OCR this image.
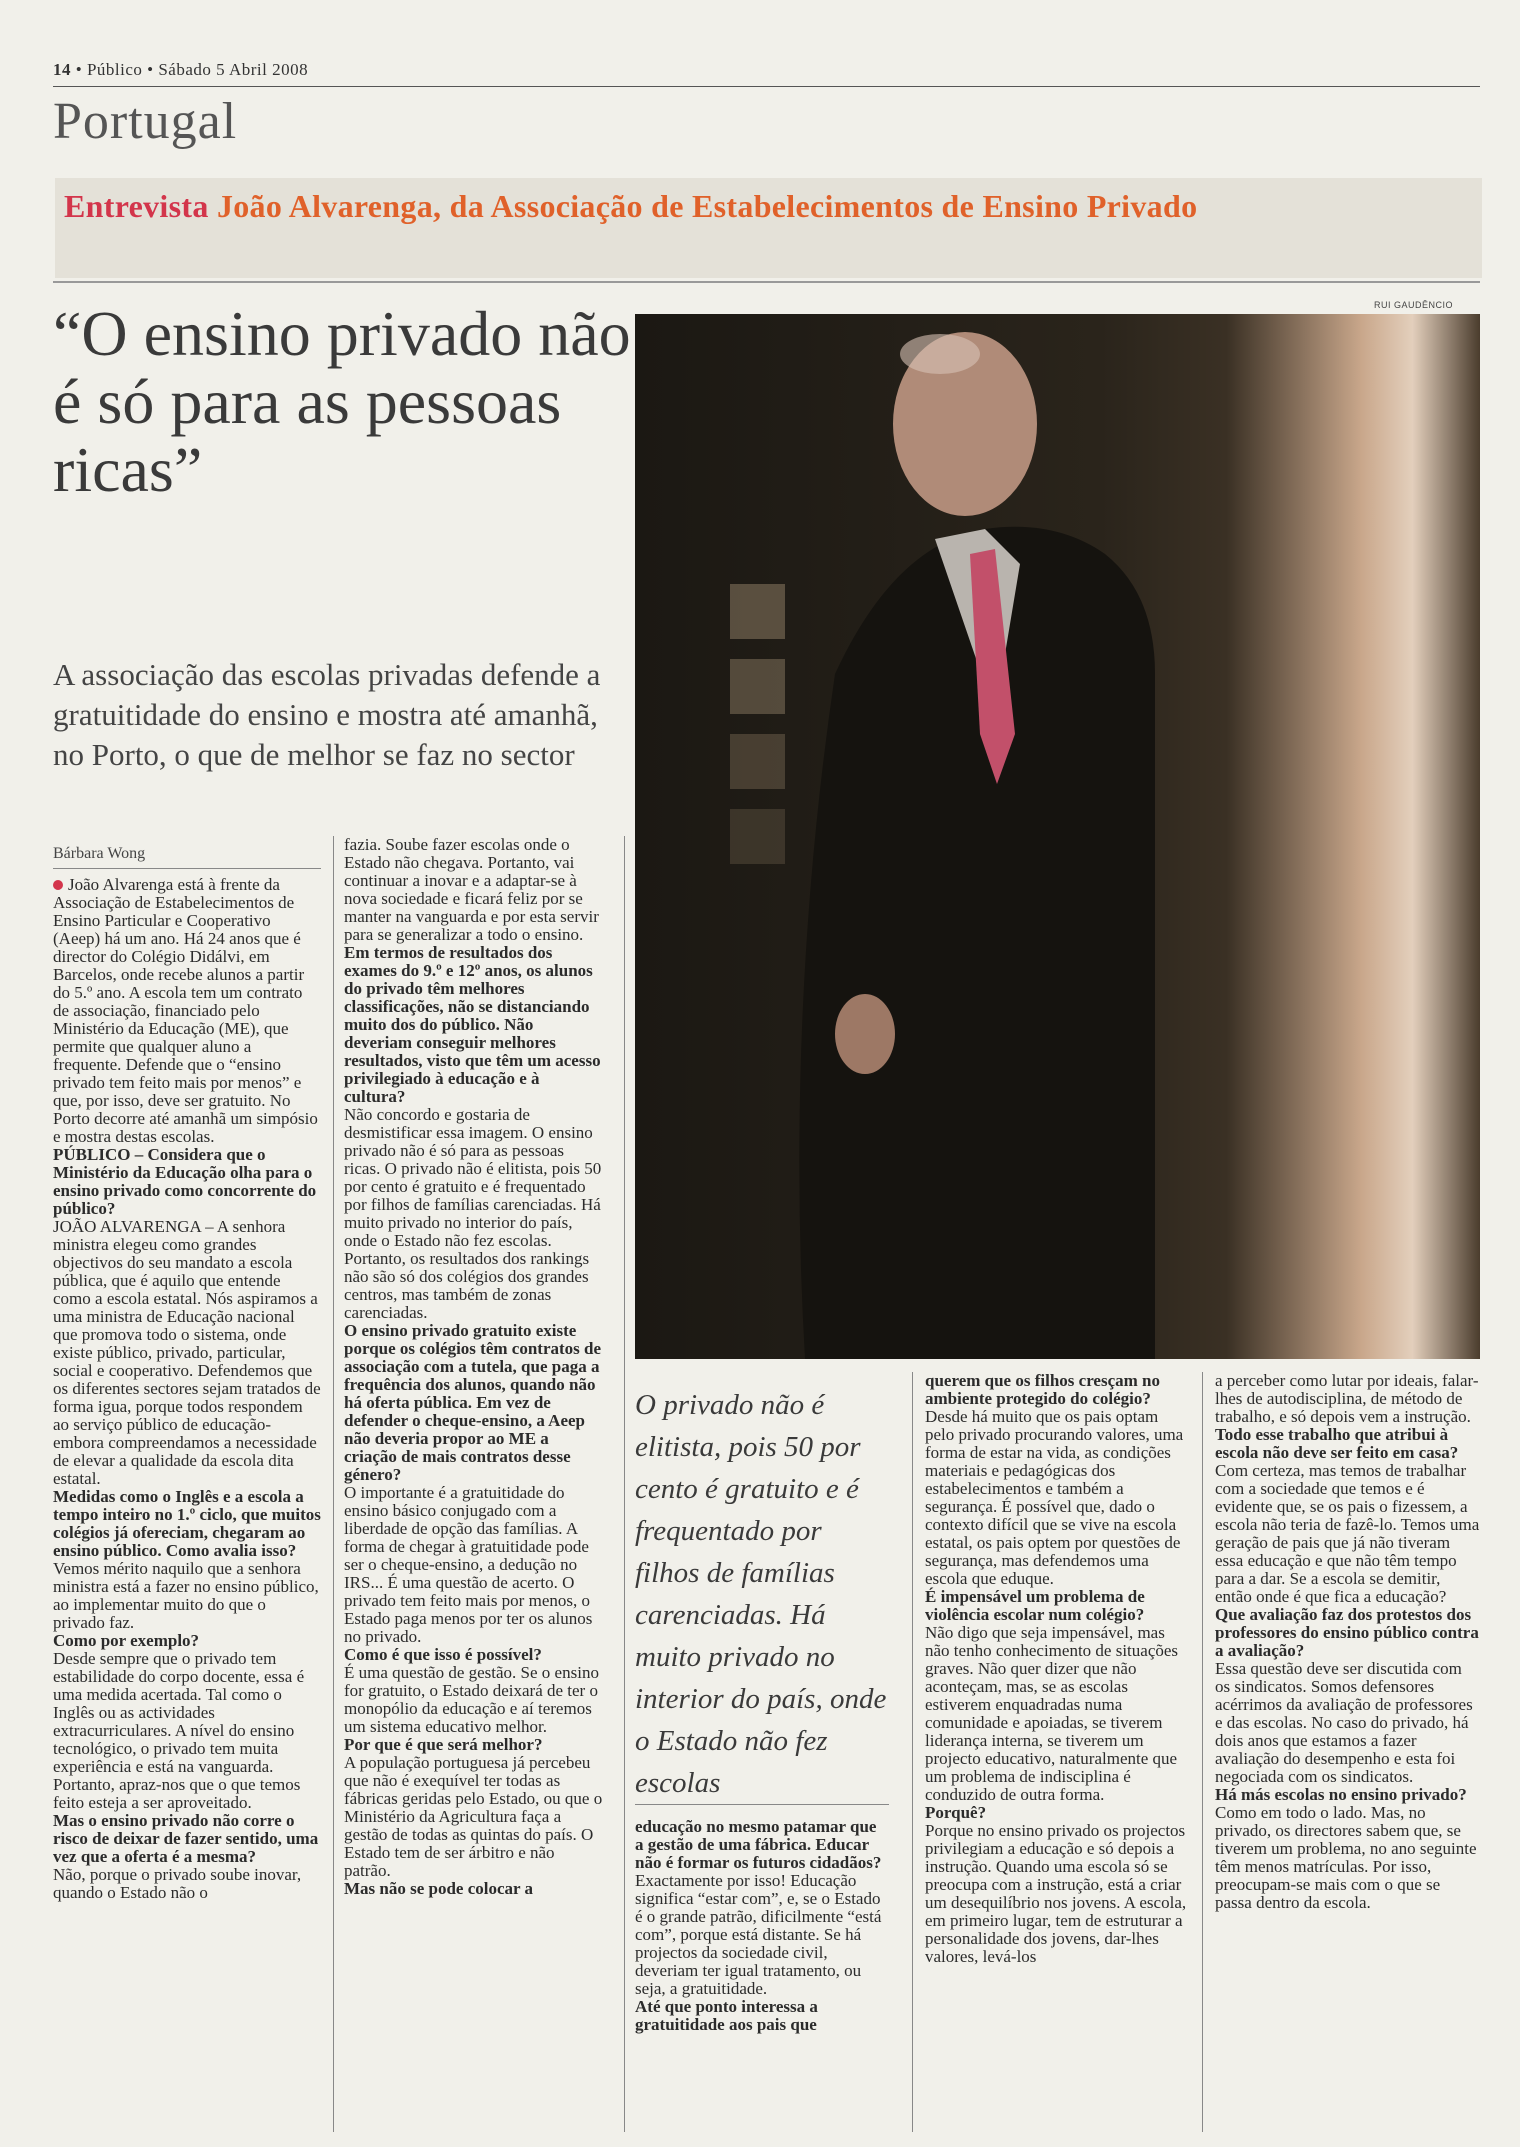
14 • Público • Sábado 5 Abril 2008
Portugal
Entrevista João Alvarenga, da Associação de Estabelecimentos de Ensino Privado
“O ensino privado não é só para as pessoas ricas”

A associação das escolas privadas defende a gratuitidade do ensino e mostra até amanhã, no Porto, o que de melhor se faz no sector

RUI GAUDÊNCIO
Bárbara Wong

João Alvarenga está à frente da Associação de Estabelecimentos de Ensino Particular e Cooperativo (Aeep) há um ano. Há 24 anos que é director do Colégio Didálvi, em Barcelos, onde recebe alunos a partir do 5.º ano. A escola tem um contrato de associação, financiado pelo Ministério da Educação (ME), que permite que qualquer aluno a frequente. Defende que o “ensino privado tem feito mais por menos” e que, por isso, deve ser gratuito. No Porto decorre até amanhã um simpósio e mostra destas escolas.

PÚBLICO – Considera que o Ministério da Educação olha para o ensino privado como concorrente do público?

JOÃO ALVARENGA – A senhora ministra elegeu como grandes objectivos do seu mandato a escola pública, que é aquilo que entende como a escola estatal. Nós aspiramos a uma ministra de Educação nacional que promova todo o sistema, onde existe público, privado, particular, social e cooperativo. Defendemos que os diferentes sectores sejam tratados de forma igua, porque todos respondem ao serviço público de educação- embora compreendamos a necessidade de elevar a qualidade da escola dita estatal.

Medidas como o Inglês e a escola a tempo inteiro no 1.º ciclo, que muitos colégios já ofereciam, chegaram ao ensino público. Como avalia isso?

Vemos mérito naquilo que a senhora ministra está a fazer no ensino público, ao implementar muito do que o privado faz.

Como por exemplo?

Desde sempre que o privado tem estabilidade do corpo docente, essa é uma medida acertada. Tal como o Inglês ou as actividades extracurriculares. A nível do ensino tecnológico, o privado tem muita experiência e está na vanguarda. Portanto, apraz-nos que o que temos feito esteja a ser aproveitado.

Mas o ensino privado não corre o risco de deixar de fazer sentido, uma vez que a oferta é a mesma?

Não, porque o privado soube inovar, quando o Estado não o

fazia. Soube fazer escolas onde o Estado não chegava. Portanto, vai continuar a inovar e a adaptar-se à nova sociedade e ficará feliz por se manter na vanguarda e por esta servir para se generalizar a todo o ensino.

Em termos de resultados dos exames do 9.º e 12º anos, os alunos do privado têm melhores classificações, não se distanciando muito dos do público. Não deveriam conseguir melhores resultados, visto que têm um acesso privilegiado à educação e à cultura?

Não concordo e gostaria de desmistificar essa imagem. O ensino privado não é só para as pessoas ricas. O privado não é elitista, pois 50 por cento é gratuito e é frequentado por filhos de famílias carenciadas. Há muito privado no interior do país, onde o Estado não fez escolas. Portanto, os resultados dos rankings não são só dos colégios dos grandes centros, mas também de zonas carenciadas.

O ensino privado gratuito existe porque os colégios têm contratos de associação com a tutela, que paga a frequência dos alunos, quando não há oferta pública. Em vez de defender o cheque-ensino, a Aeep não deveria propor ao ME a criação de mais contratos desse género?

O importante é a gratuitidade do ensino básico conjugado com a liberdade de opção das famílias. A forma de chegar à gratuitidade pode ser o cheque-ensino, a dedução no IRS... É uma questão de acerto. O privado tem feito mais por menos, o Estado paga menos por ter os alunos no privado.

Como é que isso é possível?

É uma questão de gestão. Se o ensino for gratuito, o Estado deixará de ter o monopólio da educação e aí teremos um sistema educativo melhor.

Por que é que será melhor?

A população portuguesa já percebeu que não é exequível ter todas as fábricas geridas pelo Estado, ou que o Ministério da Agricultura faça a gestão de todas as quintas do país. O Estado tem de ser árbitro e não patrão.

Mas não se pode colocar a

O privado não é elitista, pois 50 por cento é gratuito e é frequentado por filhos de famílias carenciadas. Há muito privado no interior do país, onde o Estado não fez escolas

educação no mesmo patamar que a gestão de uma fábrica. Educar não é formar os futuros cidadãos?

Exactamente por isso! Educação significa “estar com”, e, se o Estado é o grande patrão, dificilmente “está com”, porque está distante. Se há projectos da sociedade civil, deveriam ter igual tratamento, ou seja, a gratuitidade.

Até que ponto interessa a gratuitidade aos pais que

querem que os filhos cresçam no ambiente protegido do colégio?

Desde há muito que os pais optam pelo privado procurando valores, uma forma de estar na vida, as condições materiais e pedagógicas dos estabelecimentos e também a segurança. É possível que, dado o contexto difícil que se vive na escola estatal, os pais optem por questões de segurança, mas defendemos uma escola que eduque.

É impensável um problema de violência escolar num colégio?

Não digo que seja impensável, mas não tenho conhecimento de situações graves. Não quer dizer que não aconteçam, mas, se as escolas estiverem enquadradas numa comunidade e apoiadas, se tiverem liderança interna, se tiverem um projecto educativo, naturalmente que um problema de indisciplina é conduzido de outra forma.

Porquê?

Porque no ensino privado os projectos privilegiam a educação e só depois a instrução. Quando uma escola só se preocupa com a instrução, está a criar um desequilíbrio nos jovens. A escola, em primeiro lugar, tem de estruturar a personalidade dos jovens, dar-lhes valores, levá-los

a perceber como lutar por ideais, falar-lhes de autodisciplina, de método de trabalho, e só depois vem a instrução.

Todo esse trabalho que atribui à escola não deve ser feito em casa?

Com certeza, mas temos de trabalhar com a sociedade que temos e é evidente que, se os pais o fizessem, a escola não teria de fazê-lo. Temos uma geração de pais que já não tiveram essa educação e que não têm tempo para a dar. Se a escola se demitir, então onde é que fica a educação?

Que avaliação faz dos protestos dos professores do ensino público contra a avaliação?

Essa questão deve ser discutida com os sindicatos. Somos defensores acérrimos da avaliação de professores e das escolas. No caso do privado, há dois anos que estamos a fazer avaliação do desempenho e esta foi negociada com os sindicatos.

Há más escolas no ensino privado?

Como em todo o lado. Mas, no privado, os directores sabem que, se tiverem um problema, no ano seguinte têm menos matrículas. Por isso, preocupam-se mais com o que se passa dentro da escola.
